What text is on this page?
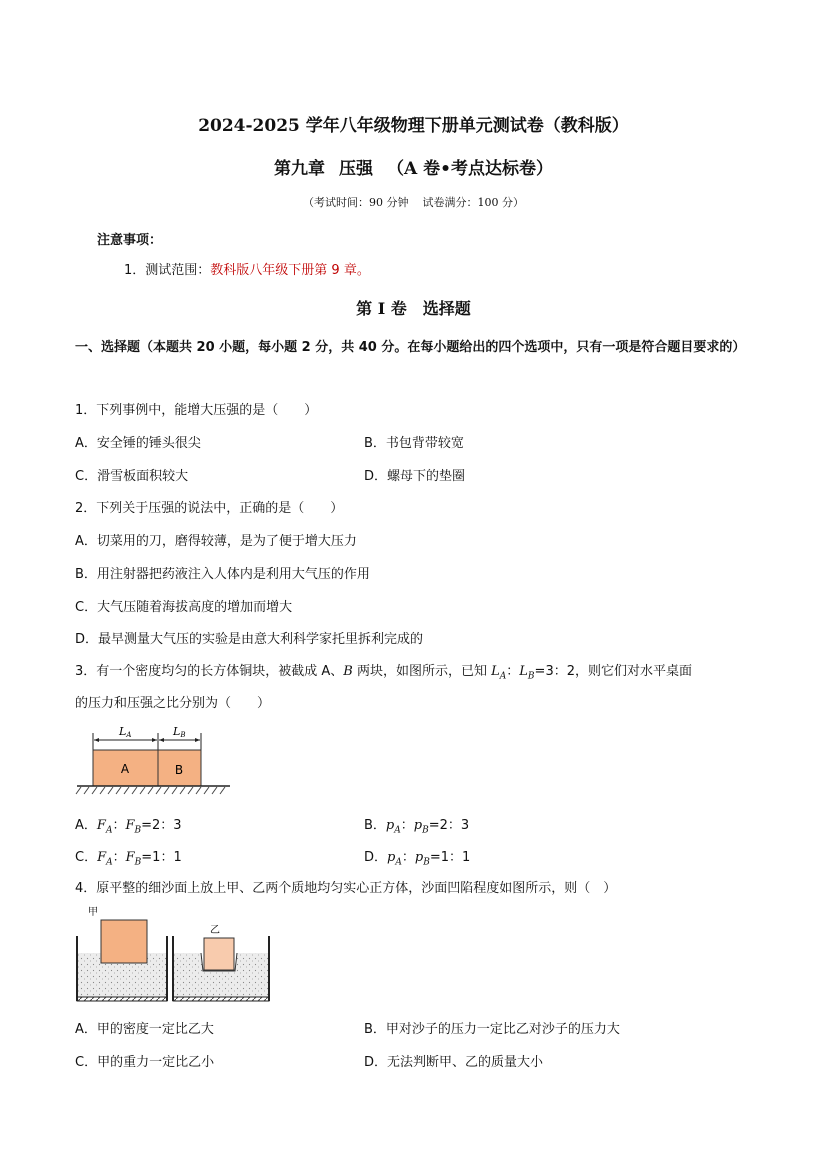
2024-2025 学年八年级物理下册单元测试卷（教科版）
第九章 压强 （A 卷•考点达标卷）
（考试时间：90 分钟 试卷满分：100 分）
注意事项：
1．测试范围：教科版八年级下册第 9 章。
第 I 卷　选择题
一、选择题（本题共 20 小题，每小题 2 分，共 40 分。在每小题给出的四个选项中，只有一项是符合题目要求的）
1．下列事例中，能增大压强的是（　　）
A．安全锤的锤头很尖	B．书包背带较宽
C．滑雪板面积较大	D．螺母下的垫圈
2．下列关于压强的说法中，正确的是（　　）
A．切菜用的刀，磨得较薄，是为了便于增大压力
B．用注射器把药液注入人体内是利用大气压的作用
C．大气压随着海拔高度的增加而增大
D．最早测量大气压的实验是由意大利科学家托里拆利完成的
3．有一个密度均匀的长方体铜块，被截成 A、B 两块，如图所示，已知 $L_A$：$L_B=3$：2，则它们对水平桌面
的压力和压强之比分别为（　　）
LA	LB
A	B
A．$F_A$：$F_B=2$：3	B．$p_A$：$p_B=2$：3
C．$F_A$：$F_B=1$：1	D．$p_A$：$p_B=1$：1
4．原平整的细沙面上放上甲、乙两个质地均匀实心正方体，沙面凹陷程度如图所示，则（　）
甲
乙
A．甲的密度一定比乙大	B．甲对沙子的压力一定比乙对沙子的压力大
C．甲的重力一定比乙小	D．无法判断甲、乙的质量大小
